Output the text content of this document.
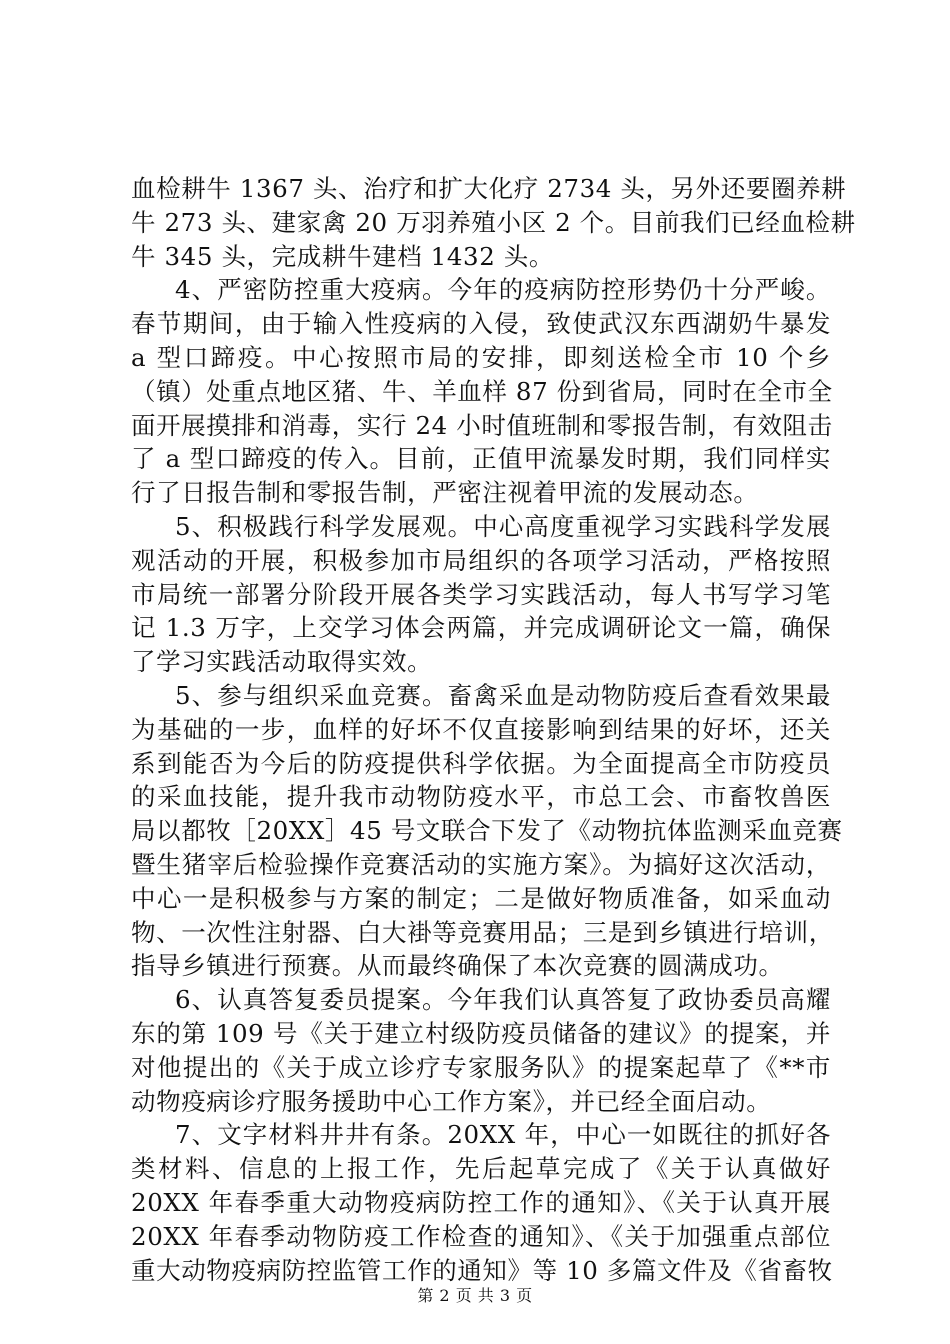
血检耕牛 1367 头、治疗和扩大化疗 2734 头，另外还要圈养耕
牛 273 头、建家禽 20 万羽养殖小区 2 个。目前我们已经血检耕
牛 345 头，完成耕牛建档 1432 头。
4、严密防控重大疫病。今年的疫病防控形势仍十分严峻。
春节期间，由于输入性疫病的入侵，致使武汉东西湖奶牛暴发
a 型口蹄疫。中心按照市局的安排，即刻送检全市 10 个乡
（镇）处重点地区猪、牛、羊血样 87 份到省局，同时在全市全
面开展摸排和消毒，实行 24 小时值班制和零报告制，有效阻击
了 a 型口蹄疫的传入。目前，正值甲流暴发时期，我们同样实
行了日报告制和零报告制，严密注视着甲流的发展动态。
5、积极践行科学发展观。中心高度重视学习实践科学发展
观活动的开展，积极参加市局组织的各项学习活动，严格按照
市局统一部署分阶段开展各类学习实践活动，每人书写学习笔
记 1.3 万字，上交学习体会两篇，并完成调研论文一篇，确保
了学习实践活动取得实效。
5、参与组织采血竞赛。畜禽采血是动物防疫后查看效果最
为基础的一步，血样的好坏不仅直接影响到结果的好坏，还关
系到能否为今后的防疫提供科学依据。为全面提高全市防疫员
的采血技能，提升我市动物防疫水平，市总工会、市畜牧兽医
局以都牧［20XX］45 号文联合下发了《动物抗体监测采血竞赛
暨生猪宰后检验操作竞赛活动的实施方案》。为搞好这次活动，
中心一是积极参与方案的制定；二是做好物质准备，如采血动
物、一次性注射器、白大褂等竞赛用品；三是到乡镇进行培训，
指导乡镇进行预赛。从而最终确保了本次竞赛的圆满成功。
6、认真答复委员提案。今年我们认真答复了政协委员高耀
东的第 109 号《关于建立村级防疫员储备的建议》的提案，并
对他提出的《关于成立诊疗专家服务队》的提案起草了《**市
动物疫病诊疗服务援助中心工作方案》，并已经全面启动。
7、文字材料井井有条。20XX 年，中心一如既往的抓好各
类材料、信息的上报工作，先后起草完成了《关于认真做好
20XX 年春季重大动物疫病防控工作的通知》、《关于认真开展
20XX 年春季动物防疫工作检查的通知》、《关于加强重点部位
重大动物疫病防控监管工作的通知》等 10 多篇文件及《省畜牧
第 2 页 共 3 页
